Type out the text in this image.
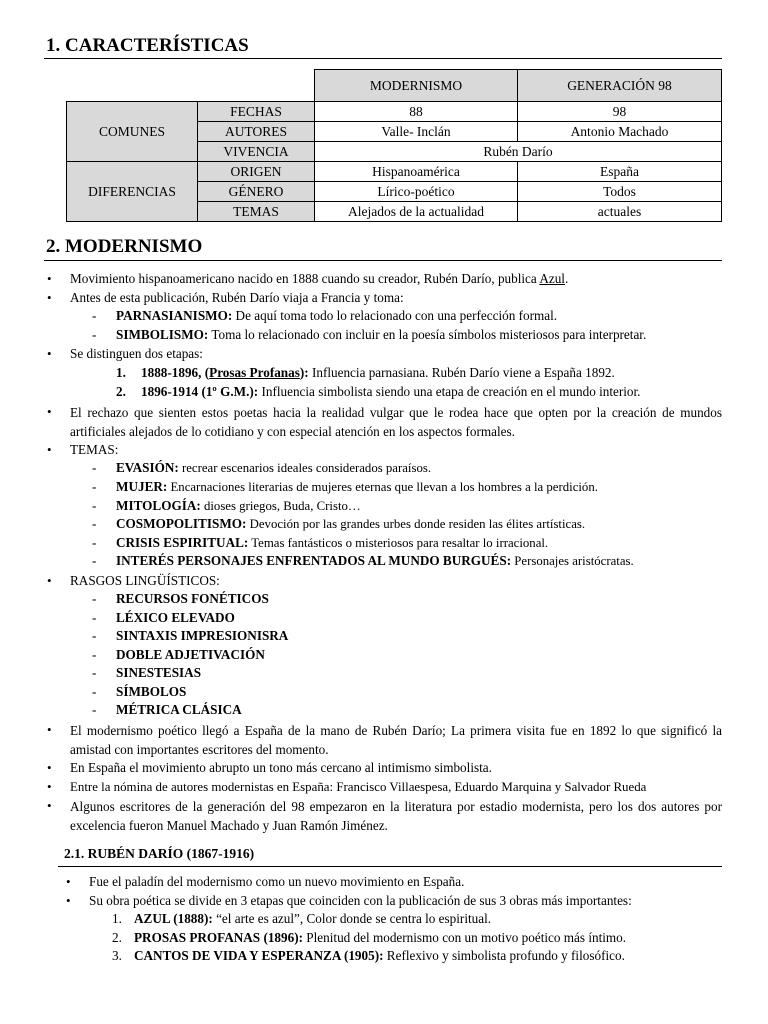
1. CARACTERÍSTICAS
		MODERNISMO	GENERACIÓN 98
COMUNES	FECHAS	88	98
	AUTORES	Valle- Inclán	Antonio Machado
	VIVENCIA	Rubén Darío	
DIFERENCIAS	ORIGEN	Hispanoamérica	España
	GÉNERO	Lírico-poético	Todos
	TEMAS	Alejados de la actualidad	actuales
2. MODERNISMO
• Movimiento hispanoamericano nacido en 1888 cuando su creador, Rubén Darío, publica Azul.
• Antes de esta publicación, Rubén Darío viaja a Francia y toma:
- PARNASIANISMO: De aquí toma todo lo relacionado con una perfección formal.
- SIMBOLISMO: Toma lo relacionado con incluir en la poesía símbolos misteriosos para interpretar.
• Se distinguen dos etapas:
1. 1888-1896, (Prosas Profanas): Influencia parnasiana. Rubén Darío viene a España 1892.
2. 1896-1914 (1º G.M.): Influencia simbolista siendo una etapa de creación en el mundo interior.
• El rechazo que sienten estos poetas hacia la realidad vulgar que le rodea hace que opten por la creación de mundos artificiales alejados de lo cotidiano y con especial atención en los aspectos formales.
• TEMAS:
- EVASIÓN: recrear escenarios ideales considerados paraísos.
- MUJER: Encarnaciones literarias de mujeres eternas que llevan a los hombres a la perdición.
- MITOLOGÍA: dioses griegos, Buda, Cristo…
- COSMOPOLITISMO: Devoción por las grandes urbes donde residen las élites artísticas.
- CRISIS ESPIRITUAL: Temas fantásticos o misteriosos para resaltar lo irracional.
- INTERÉS PERSONAJES ENFRENTADOS AL MUNDO BURGUÉS: Personajes aristócratas.
• RASGOS LINGÜÍSTICOS:
- RECURSOS FONÉTICOS
- LÉXICO ELEVADO
- SINTAXIS IMPRESIONISRA
- DOBLE ADJETIVACIÓN
- SINESTESIAS
- SÍMBOLOS
- MÉTRICA CLÁSICA
• El modernismo poético llegó a España de la mano de Rubén Darío; La primera visita fue en 1892 lo que significó la amistad con importantes escritores del momento.
• En España el movimiento abrupto un tono más cercano al intimismo simbolista.
• Entre la nómina de autores modernistas en España: Francisco Villaespesa, Eduardo Marquina y Salvador Rueda
• Algunos escritores de la generación del 98 empezaron en la literatura por estadio modernista, pero los dos autores por excelencia fueron Manuel Machado y Juan Ramón Jiménez.
2.1. RUBÉN DARÍO (1867-1916)
• Fue el paladín del modernismo como un nuevo movimiento en España.
• Su obra poética se divide en 3 etapas que coinciden con la publicación de sus 3 obras más importantes:
1. AZUL (1888): “el arte es azul”, Color donde se centra lo espiritual.
2. PROSAS PROFANAS (1896): Plenitud del modernismo con un motivo poético más íntimo.
3. CANTOS DE VIDA Y ESPERANZA (1905): Reflexivo y simbolista profundo y filosófico.
